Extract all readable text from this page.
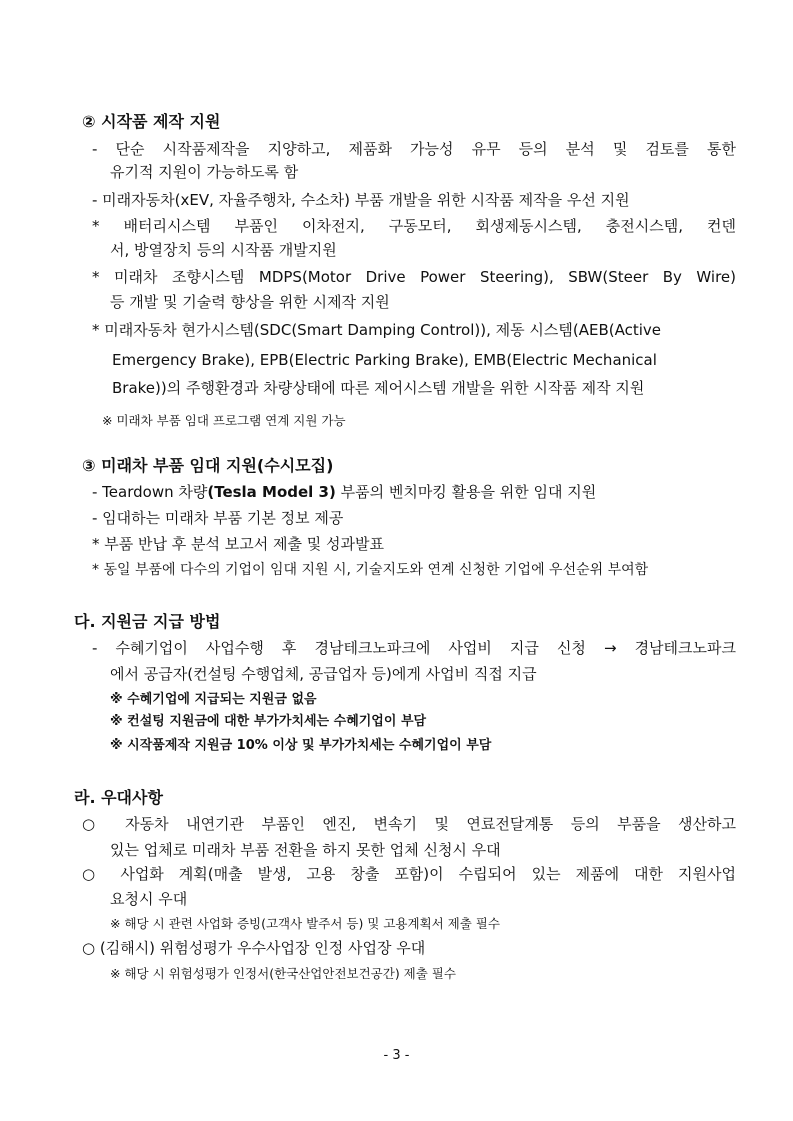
② 시작품 제작 지원
- 단순 시작품제작을 지양하고, 제품화 가능성 유무 등의 분석 및 검토를 통한
유기적 지원이 가능하도록 함
- 미래자동차(xEV, 자율주행차, 수소차) 부품 개발을 위한 시작품 제작을 우선 지원
* 배터리시스템 부품인 이차전지, 구동모터, 회생제동시스템, 충전시스템, 컨덴
서, 방열장치 등의 시작품 개발지원
* 미래차 조향시스템 MDPS(Motor Drive Power Steering), SBW(Steer By Wire)
등 개발 및 기술력 향상을 위한 시제작 지원
* 미래자동차 현가시스템(SDC(Smart Damping Control)), 제동 시스템(AEB(Active
Emergency Brake), EPB(Electric Parking Brake), EMB(Electric Mechanical
Brake))의 주행환경과 차량상태에 따른 제어시스템 개발을 위한 시작품 제작 지원
※ 미래차 부품 임대 프로그램 연계 지원 가능
③ 미래차 부품 임대 지원(수시모집)
- Teardown 차량(Tesla Model 3) 부품의 벤치마킹 활용을 위한 임대 지원
- 임대하는 미래차 부품 기본 정보 제공
* 부품 반납 후 분석 보고서 제출 및 성과발표
* 동일 부품에 다수의 기업이 임대 지원 시, 기술지도와 연계 신청한 기업에 우선순위 부여함
다. 지원금 지급 방법
- 수혜기업이 사업수행 후 경남테크노파크에 사업비 지급 신청 → 경남테크노파크
에서 공급자(컨설팅 수행업체, 공급업자 등)에게 사업비 직접 지급
※ 수혜기업에 지급되는 지원금 없음
※ 컨설팅 지원금에 대한 부가가치세는 수혜기업이 부담
※ 시작품제작 지원금 10% 이상 및 부가가치세는 수혜기업이 부담
라. 우대사항
○ 자동차 내연기관 부품인 엔진, 변속기 및 연료전달계통 등의 부품을 생산하고
있는 업체로 미래차 부품 전환을 하지 못한 업체 신청시 우대
○ 사업화 계획(매출 발생, 고용 창출 포함)이 수립되어 있는 제품에 대한 지원사업
요청시 우대
※ 해당 시 관련 사업화 증빙(고객사 발주서 등) 및 고용계획서 제출 필수
○ (김해시) 위험성평가 우수사업장 인정 사업장 우대
※ 해당 시 위험성평가 인정서(한국산업안전보건공간) 제출 필수
- 3 -
